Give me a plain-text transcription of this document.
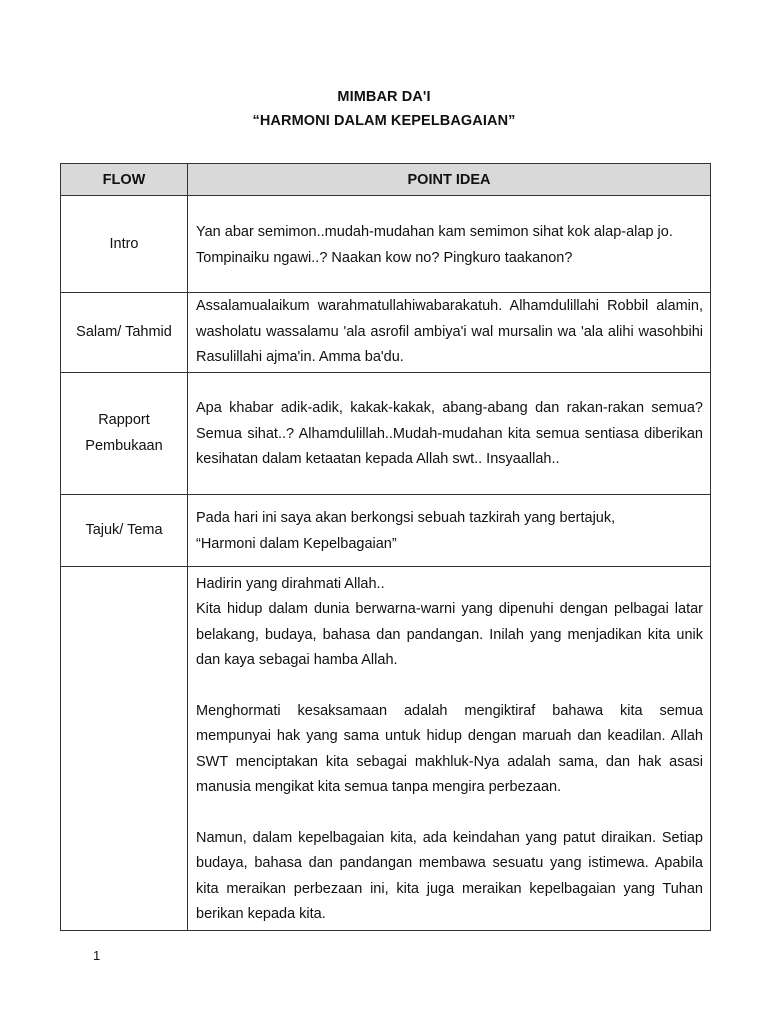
MIMBAR DA'I
“HARMONI DALAM KEPELBAGAIAN”
FLOW	POINT IDEA

Intro	Yan abar semimon..mudah-mudahan kam semimon sihat kok alap-alap jo.

Tompinaiku ngawi..? Naakan kow no? Pingkuro taakanon?

Salam/ Tahmid	Assalamualaikum warahmatullahiwabarakatuh. Alhamdulillahi Robbil alamin, washolatu wassalamu 'ala asrofil ambiya'i wal mursalin wa 'ala alihi wasohbihi Rasulillahi ajma'in. Amma ba'du.

Rapport
Pembukaan	Apa khabar adik-adik, kakak-kakak, abang-abang dan rakan-rakan semua? Semua sihat..? Alhamdulillah..Mudah-mudahan kita semua sentiasa diberikan kesihatan dalam ketaatan kepada Allah swt.. Insyaallah..

Tajuk/ Tema	Pada hari ini saya akan berkongsi sebuah tazkirah yang bertajuk,

“Harmoni dalam Kepelbagaian”

	Hadirin yang dirahmati Allah..

Kita hidup dalam dunia berwarna-warni yang dipenuhi dengan pelbagai latar belakang, budaya, bahasa dan pandangan. Inilah yang menjadikan kita unik dan kaya sebagai hamba Allah.

Menghormati kesaksamaan adalah mengiktiraf bahawa kita semua mempunyai hak yang sama untuk hidup dengan maruah dan keadilan. Allah SWT menciptakan kita sebagai makhluk-Nya adalah sama, dan hak asasi manusia mengikat kita semua tanpa mengira perbezaan.

Namun, dalam kepelbagaian kita, ada keindahan yang patut diraikan. Setiap budaya, bahasa dan pandangan membawa sesuatu yang istimewa. Apabila kita meraikan perbezaan ini, kita juga meraikan kepelbagaian yang Tuhan berikan kepada kita.

1
